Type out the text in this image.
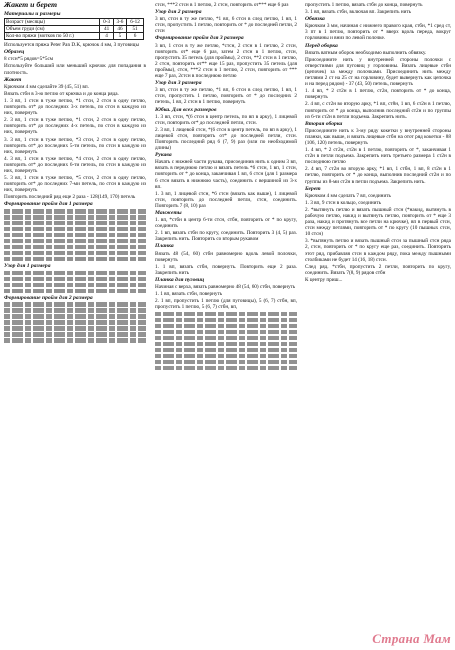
Жакет и берет
Материалы и размеры
Возраст (месяцы)	0-3	3-6	6-12
Объем груди (см)	41	46	51
Кол-во пряжи (мотков по 50 г.)	4	5	6
Используется пряжа Peter Pan D.K, крючок 4 мм, 3 пуговицы
Образец
8 стсн*5 рядов=5*5см
Используйте больший или меньший крючок для попадания в плотность.
Жакет
Крючком 4 мм сделайте 39 (45, 51) вп.
Вязать стбн в 3-ю петлю от крючка и до конца ряда.
1. 3 вп, 1 стсн в туже петлю, *1 стсн, 2 стсн в одну петлю, повторить от* до последних 3-х петель, по стсн в каждую из них, повернуть
2. 3 вп, 1 стсн в туже петлю, *1 стсн, 2 стсн в одну петлю, повторить от* до последних 4-х петель, по стсн в каждую из них, повернуть
3. 3 вп, 1 стсн в туже петлю, *3 стсн, 2 стсн в одну петлю, повторить от* до последних 5-ти петель, по стсн в каждую из них, повернуть
4. 3 вп, 1 стсн в туже петлю, *4 стсн, 2 стсн в одну петлю, повторить от* до последних 6-ти петель, по стсн в каждую из них, повернуть
5. 3 вп, 1 стсн в туже петлю, *5 стсн, 2 стсн в одну петлю, повторить от* до последних 7-ми петель, по стсн в каждую из них, повернуть
Повторить последний ряд еще 2 раза - 128(149, 170) петель
Формирование пройм для 1 размера
Узор для 1 размера
Формирование пройм для 2 размера
стсн, ***2 стсн в 1 петлю, 2 стсн, повторить от*** еще 6 раз
Узор для 2 размера
3 вп, стсн в ту же петлю, *1 вп, 6 стсн в след петлю, 1 вп, 1 стсн, пропустить 1 петлю, повторить от * до последней петли, 2 стсн
Формирование пройм для 3 размера
3 вп, 1 стсн в ту же петлю, *стсн, 2 стсн в 1 петлю, 2 стсн, повторить от* еще 6 раз, затем 2 стсн в 1 петлю, стсн, пропустить 35 петель (для проймы), 2 стсн, **2 стсн в 1 петлю, 2 стсн, повторить от** еще 15 раз, пропустить 35 петель (для проймы), стсн, ***2 стсн в 1 петлю, 2 стсн, повторить от *** еще 7 раз, 2стсн в последнюю петлю
Узор для 3 размера
3 вп, стсн в ту же петлю, *1 вп, 6 стсн в след петлю, 1 вп, 1 стсн, пропустить 1 петлю, повторить от * до последних 2 петель, 1 вп, 2 стсн в 1 петлю, повернуть
Юбка. Для всех размеров
1. 3 вп, стсн, *(6 стсн в центр петель, по вп в арку), 1 лицевой стсн, повторить от* до последней петли, стсн.
2. 3 вп, 1 лицевой стсн, *(6 стсн в центр петель, по вп в арку), 1 лицевой стсн, повторить от* до последней петли, стсн. Повторить последний ряд 6 (7, 9) раз (или по необходимой длины)
Рукава
Начать с нижней части рукава, присоединив нить к одним 3 вп, вязать в переднюю петлю и вязать петель *6 стсн, 1 вп, 1 стсн, повторить от * до конца, заканчивая 1 вп, 6 стсн (для 1 размера 6 стсн вязать в нижнюю часть), соединить с вершиной из 3-х вп.
1. 3 вп, 1 лицевой стсн, *6 стсн (вязать как выше), 1 лицевой стсн, повторить до последней петли, стсн, соединить. Повторить 7 (8, 10) раз
Манжеты
1. вп, *стбн в центр 6-ти стсн, стбн, повторить от * по кругу, соединить
2. 1 вп, вязать стбн по кругу, соединить. Повторить 3 (4, 5) раз. Закрепить нить. Повторить со вторым рукавом
Планка
Вязать 48 (54, 60) стбн равномерно вдоль левой полочки, повернуть
1. 1 вп, вязать стбн, повернуть. Повторить еще 2 раза. Закрепить нить
Планка для пуговиц
Начиная с верха, вязать равномерно 48 (54, 60) стбн, повернуть
1. 1 вп, вязать стбн, повернуть
2. 1 вп, пропустить 1 петлю (для пуговицы), 5 (6, 7) стбн, вп, пропустить 1 петлю, 5 (6, 7) стбн, вп,
пропустить 1 петлю, вязать стбн до конца, повернуть
3. 1 вп, вязать стбн, включая вп. Закрепить нить
Обвязка
Крючком 3 мм, начиная с нижнего правого края, стбн, *1 сред ст, 3 пт в 1 петлю, повторить от * вверх вдоль переда, вокруг горловины и вниз по левой полочке.
Перед оборка
Вязать ватным оборок необходимо выполнить обвязку.
Присоедините нить у внутренней стороны полочки с отверстиями для пуговиц у горловины. Вязать лицевые стбн (цепочек) за между полочками. Присоединить нить между петлями 2 ст на 25 ст на горловину, будет вывернуть как цепочка и на перед рядом) - 37 (43, 50) петель, повернуть
1. 4 вп, * 2 ст2н в 1 петлю, ст2н, повторить от * до конца, повернуть
2. 4 вп, с ст2н во вторую арку, *1 вп, ст8н, 1 вп, 6 ст2н в 1 петлю, повторить от * до конца, выполнив последний ст2н и по группы из 6-ти ст2н в петли подъема. Закрепить нить.
Вторая оборка
Присоедините нить к 3-му ряду кокетки у внутренней стороны планки, как выше, и вязать лицевые стбн на отот ряд кокетки - 88 (106, 120) петель, повернуть
1. 4 вп, * 2 ст2н, ст2н в 1 петлю, повторить от *, заканчивая 1 ст2н в петли подъема. Закрепить нить третьего размера 1 ст2н в последнюю петлю
2. 4 вп, 7 ст2н во вторую арку, *1 вп, 1 стбн, 1 вп, 8 ст2н в 1 петлю, повторить от * до конца, выполнив последний ст2н и по группы из 8-ми ст2н в петли подъема. Закрепить нить.
Берет
Крючком 4 мм сделать 7 вп, соединить
1. 3 вп, 9 стсн в кольцо, соединить
2. *вытянуть петлю и вязать пышный стсн (*накид, вытянуть в рабочую петлю, накид и вытянуть петлю, повторить от * еще 3 раза, накид и протянуть все петли на крючке), вп в первый стсн, стсн между петлями, повторить от * по кругу (10 пышных стсн, 10 стсн)
3. *вытянуть петлю и вязать пышный стсн за пышный стсн ряда 2, стсн, повторить от * по кругу еще раз, соединить. Повторить этот ряд, прибавляя стсн в каждом ряду, пока между пышными столбиками не будет 14 (16, 18) стсн.
След ряд. *стбн, пропустить 2 петли, повторить по кругу, соединить. Вязать 7(8, 9) рядов стбн
К центру приш...
Страна Мам
